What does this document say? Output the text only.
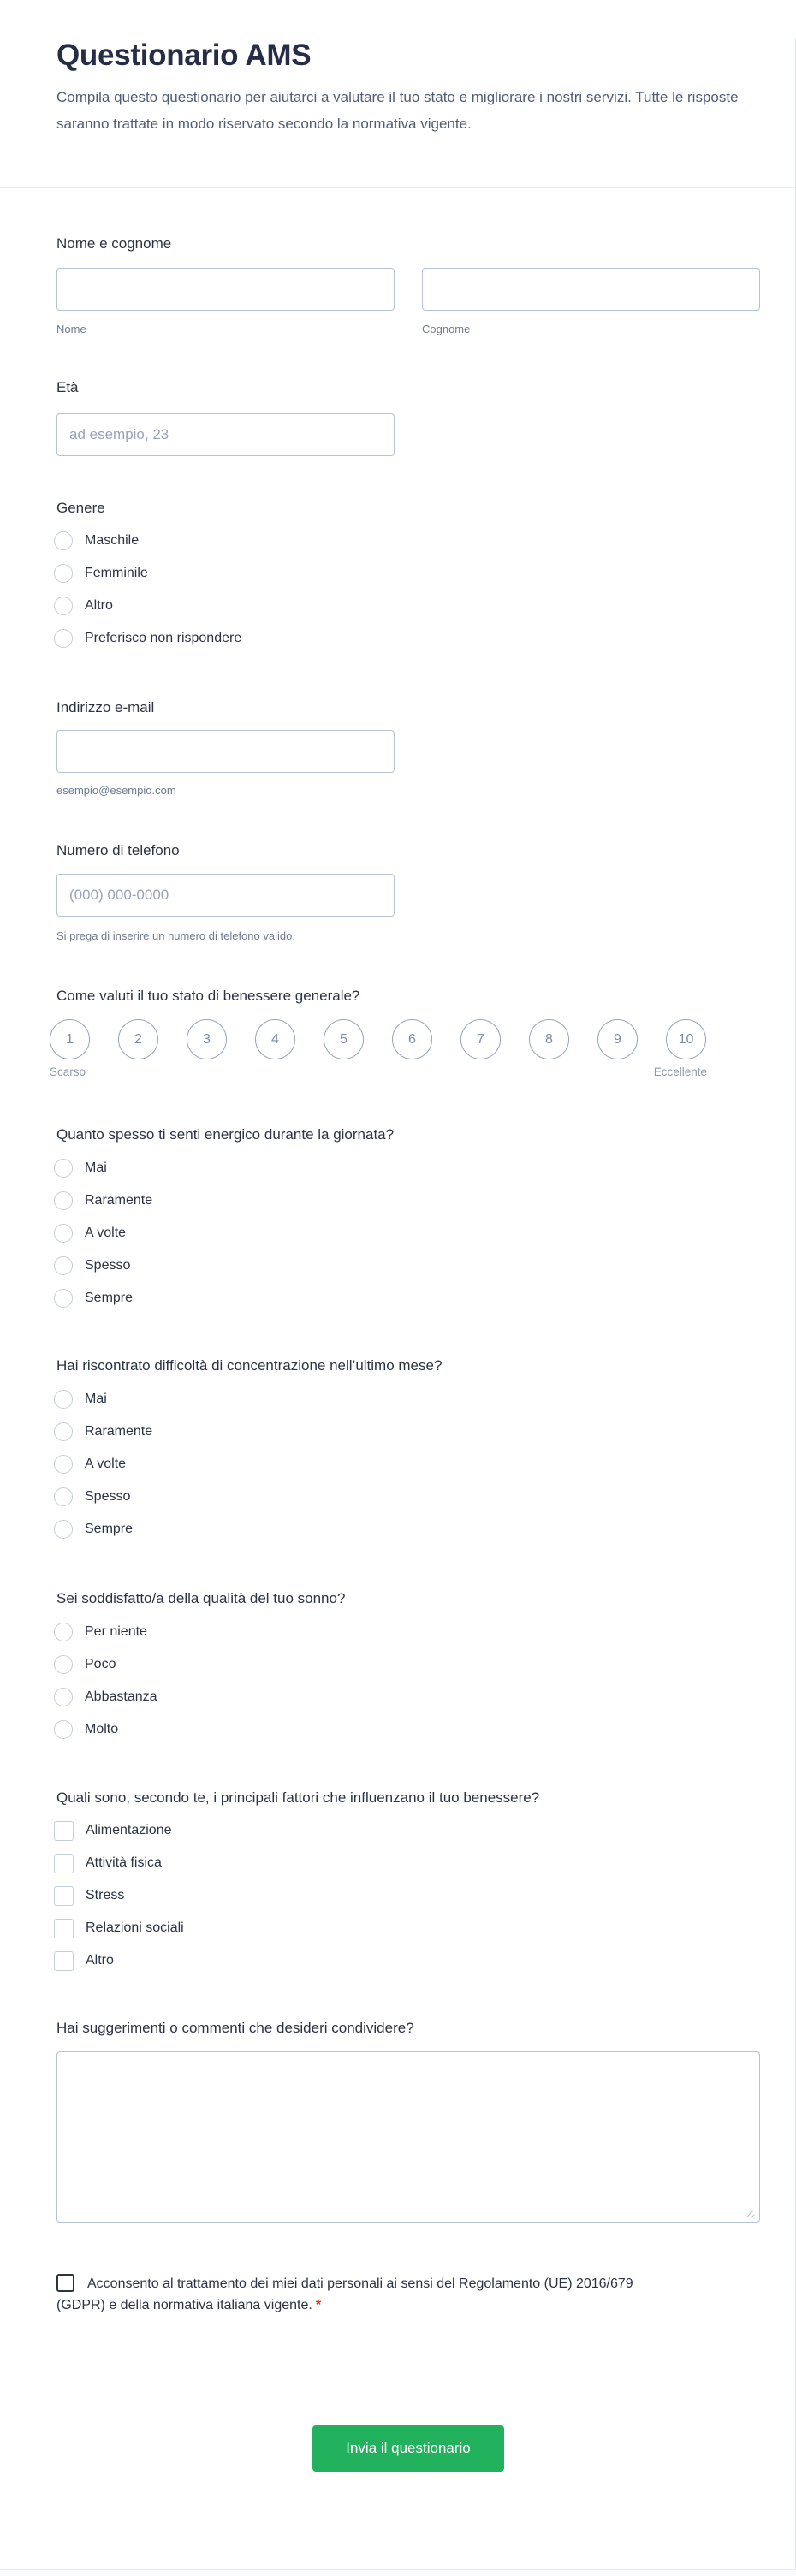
Questionario AMS

Compila questo questionario per aiutarci a valutare il tuo stato e migliorare i nostri servizi. Tutte le risposte saranno trattate in modo riservato secondo la normativa vigente.

Nome e cognome
Nome	Cognome
Età
ad esempio, 23
Genere
Maschile
Femminile
Altro
Preferisco non rispondere
Indirizzo e-mail
esempio@esempio.com
Numero di telefono
(000) 000-0000
Si prega di inserire un numero di telefono valido.
Come valuti il tuo stato di benessere generale?
1	2	3	4	5	6	7	8	9	10
Scarso	Eccellente
Quanto spesso ti senti energico durante la giornata?
Mai
Raramente
A volte
Spesso
Sempre
Hai riscontrato difficoltà di concentrazione nell’ultimo mese?
Mai
Raramente
A volte
Spesso
Sempre
Sei soddisfatto/a della qualità del tuo sonno?
Per niente
Poco
Abbastanza
Molto
Quali sono, secondo te, i principali fattori che influenzano il tuo benessere?
Alimentazione
Attività fisica
Stress
Relazioni sociali
Altro
Hai suggerimenti o commenti che desideri condividere?

Acconsento al trattamento dei miei dati personali ai sensi del Regolamento (UE) 2016/679 (GDPR) e della normativa italiana vigente. *

Invia il questionario
